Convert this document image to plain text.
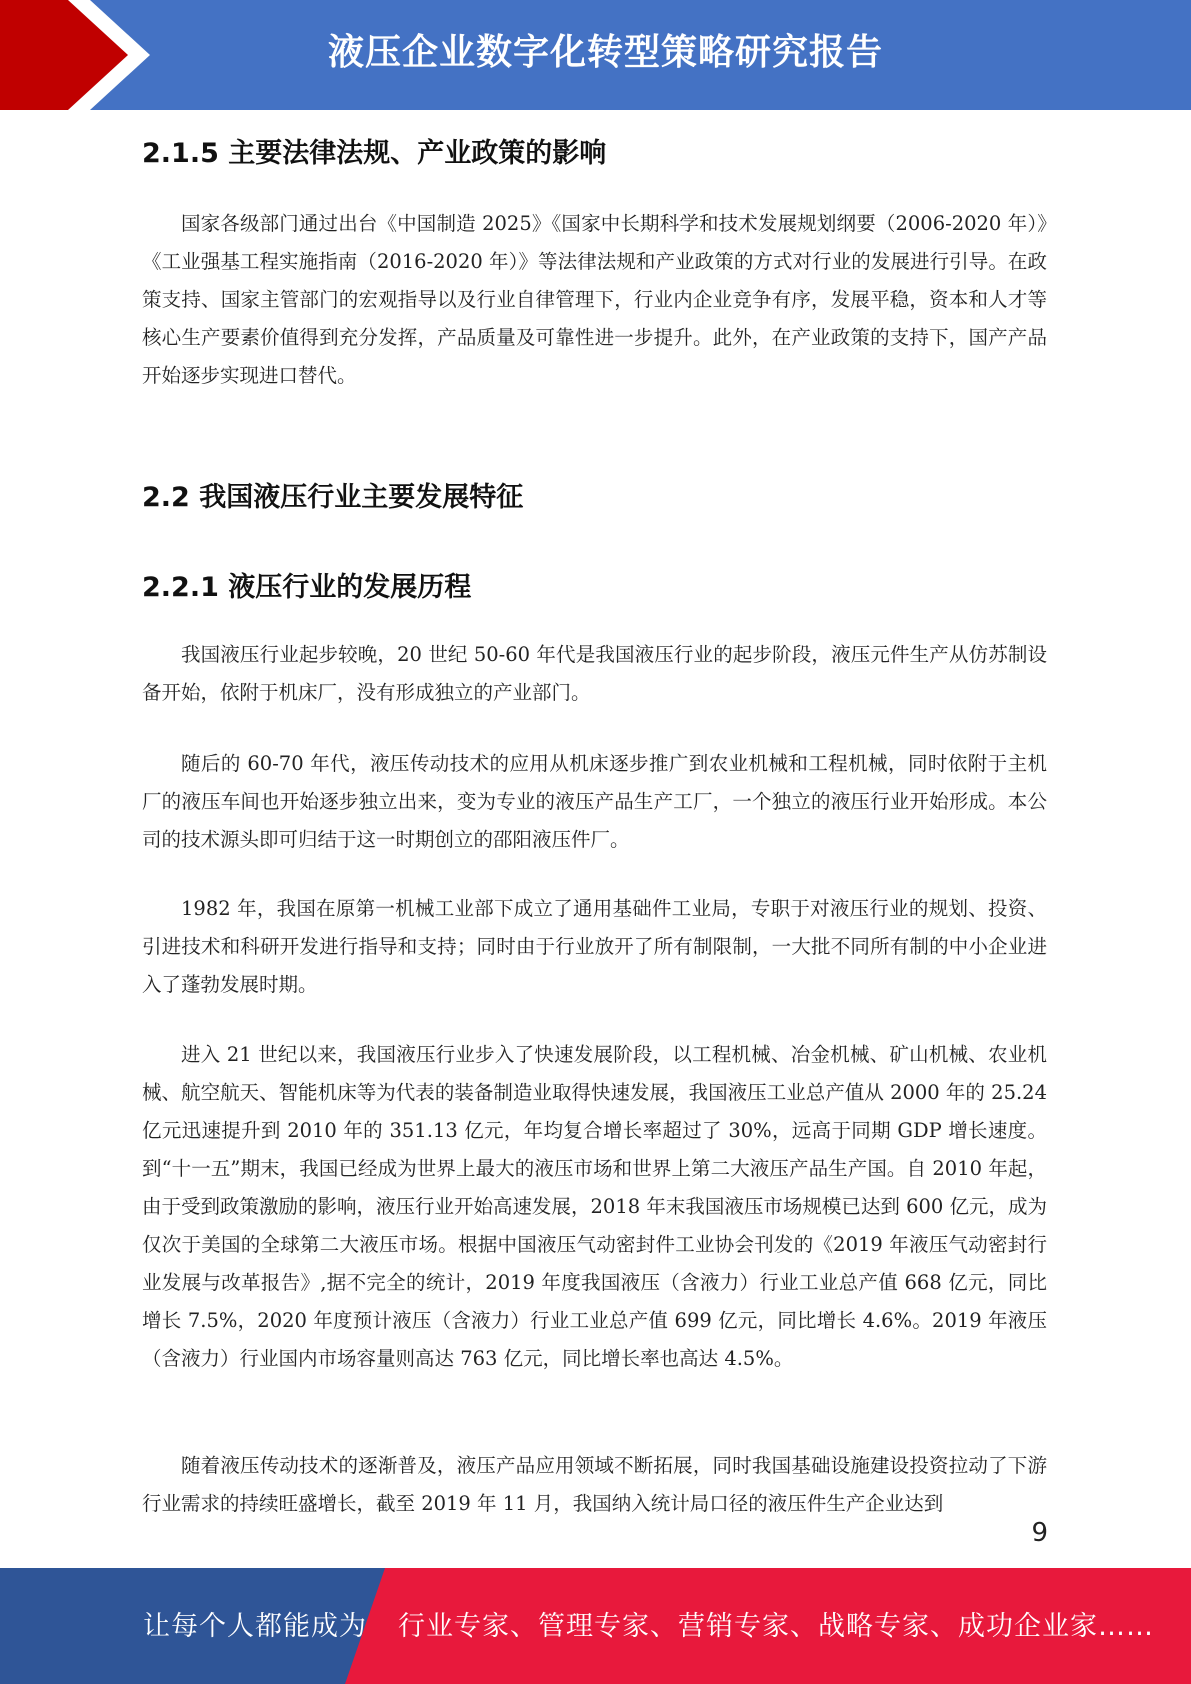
液压企业数字化转型策略研究报告
2.1.5 主要法律法规、产业政策的影响

国家各级部门通过出台《中国制造 2025》《国家中长期科学和技术发展规划纲要（2006-2020 年）》《工业强基工程实施指南（2016-2020 年）》等法律法规和产业政策的方式对行业的发展进行引导。在政策支持、国家主管部门的宏观指导以及行业自律管理下，行业内企业竞争有序，发展平稳，资本和人才等核心生产要素价值得到充分发挥，产品质量及可靠性进一步提升。此外，在产业政策的支持下，国产产品开始逐步实现进口替代。

2.2 我国液压行业主要发展特征
2.2.1 液压行业的发展历程

我国液压行业起步较晚，20 世纪 50-60 年代是我国液压行业的起步阶段，液压元件生产从仿苏制设备开始，依附于机床厂，没有形成独立的产业部门。

随后的 60-70 年代，液压传动技术的应用从机床逐步推广到农业机械和工程机械，同时依附于主机厂的液压车间也开始逐步独立出来，变为专业的液压产品生产工厂，一个独立的液压行业开始形成。本公司的技术源头即可归结于这一时期创立的邵阳液压件厂。

1982 年，我国在原第一机械工业部下成立了通用基础件工业局，专职于对液压行业的规划、投资、引进技术和科研开发进行指导和支持；同时由于行业放开了所有制限制，一大批不同所有制的中小企业进入了蓬勃发展时期。

进入 21 世纪以来，我国液压行业步入了快速发展阶段，以工程机械、冶金机械、矿山机械、农业机械、航空航天、智能机床等为代表的装备制造业取得快速发展，我国液压工业总产值从 2000 年的 25.24 亿元迅速提升到 2010 年的 351.13 亿元，年均复合增长率超过了 30%，远高于同期 GDP 增长速度。到“十一五”期末，我国已经成为世界上最大的液压市场和世界上第二大液压产品生产国。自 2010 年起，由于受到政策激励的影响，液压行业开始高速发展，2018 年末我国液压市场规模已达到 600 亿元，成为仅次于美国的全球第二大液压市场。根据中国液压气动密封件工业协会刊发的《2019 年液压气动密封行业发展与改革报告》,据不完全的统计，2019 年度我国液压（含液力）行业工业总产值 668 亿元，同比增长 7.5%，2020 年度预计液压（含液力）行业工业总产值 699 亿元，同比增长 4.6%。2019 年液压（含液力）行业国内市场容量则高达 763 亿元，同比增长率也高达 4.5%。

随着液压传动技术的逐渐普及，液压产品应用领域不断拓展，同时我国基础设施建设投资拉动了下游行业需求的持续旺盛增长，截至 2019 年 11 月，我国纳入统计局口径的液压件生产企业达到

9
让每个人都能成为 行业专家、管理专家、营销专家、战略专家、成功企业家……
